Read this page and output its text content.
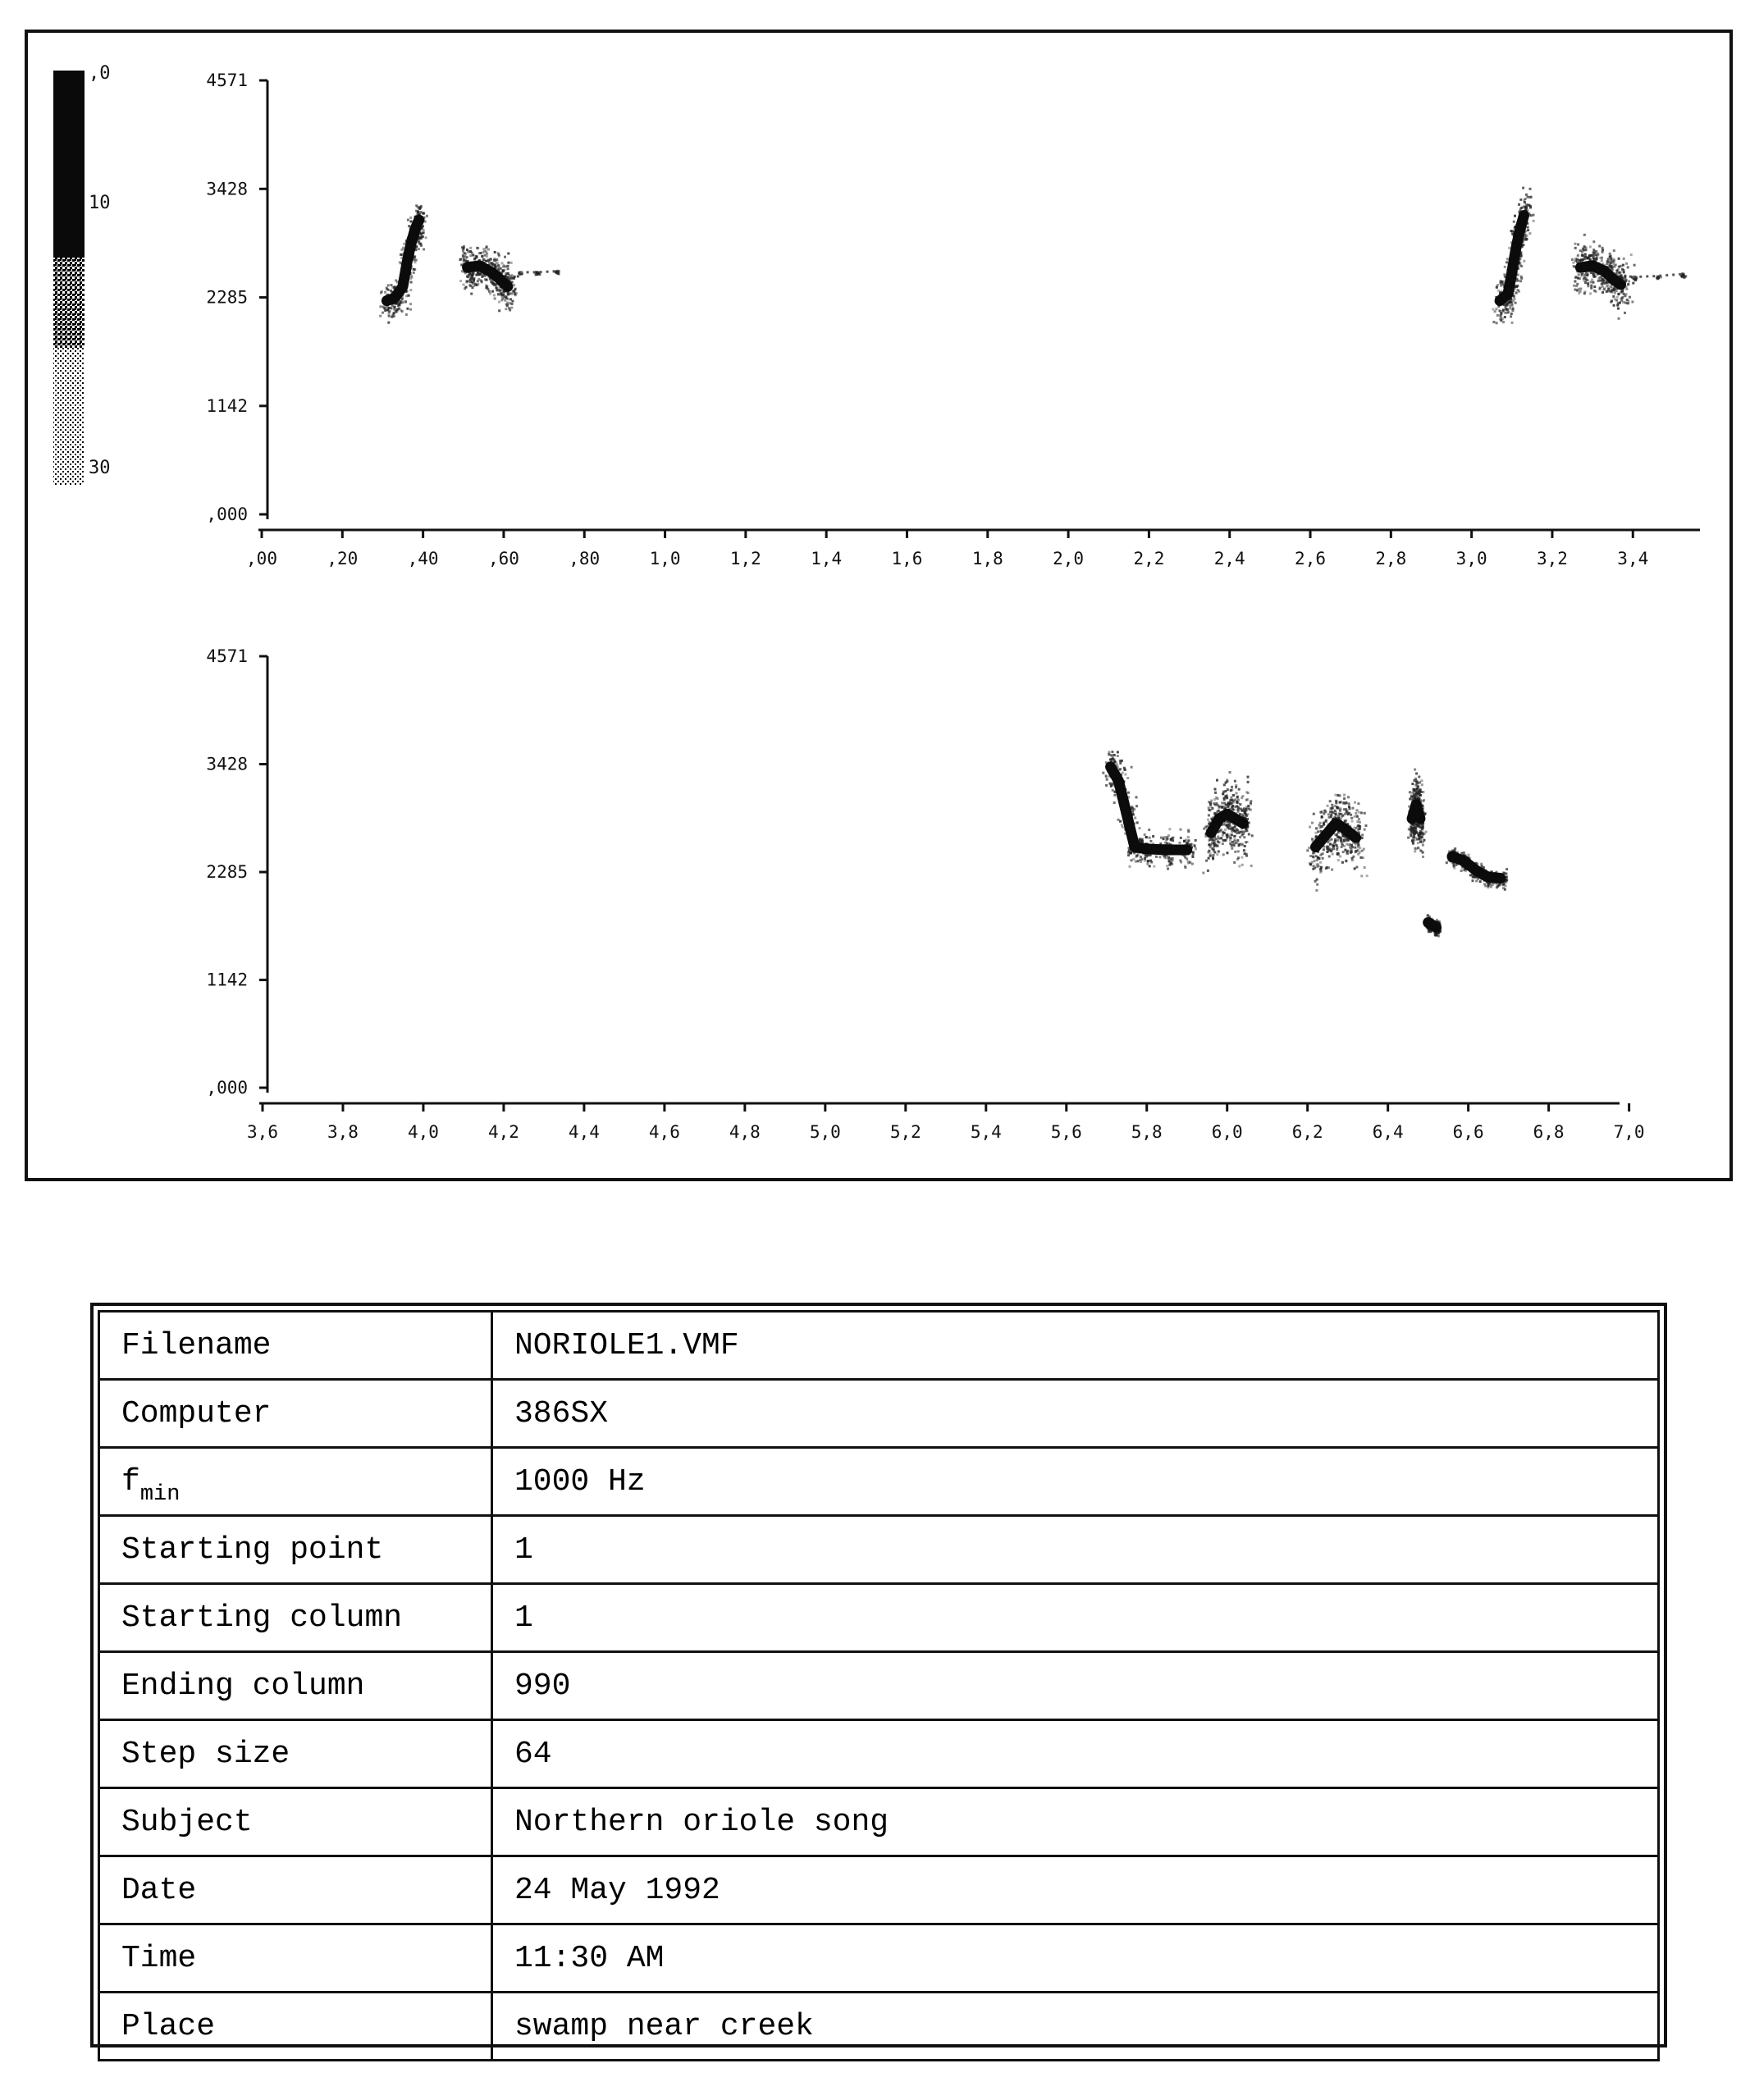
,0
10
30
,000
1142
2285
3428
4571
,00	,20	,40	,60	,80	1,0	1,2	1,4	1,6	1,8	2,0	2,2	2,4	2,6	2,8	3,0	3,2	3,4
,000
1142
2285
3428
4571
3,6	3,8	4,0	4,2	4,4	4,6	4,8	5,0	5,2	5,4	5,6	5,8	6,0	6,2	6,4	6,6	6,8	7,0
Filename	NORIOLE1.VMF
Computer	386SX
$f_{min}$	1000 Hz
Starting point	1
Starting column	1
Ending column	990
Step size	64
Subject	Northern oriole song
Date	24 May 1992
Time	11:30 AM
Place	swamp near creek
